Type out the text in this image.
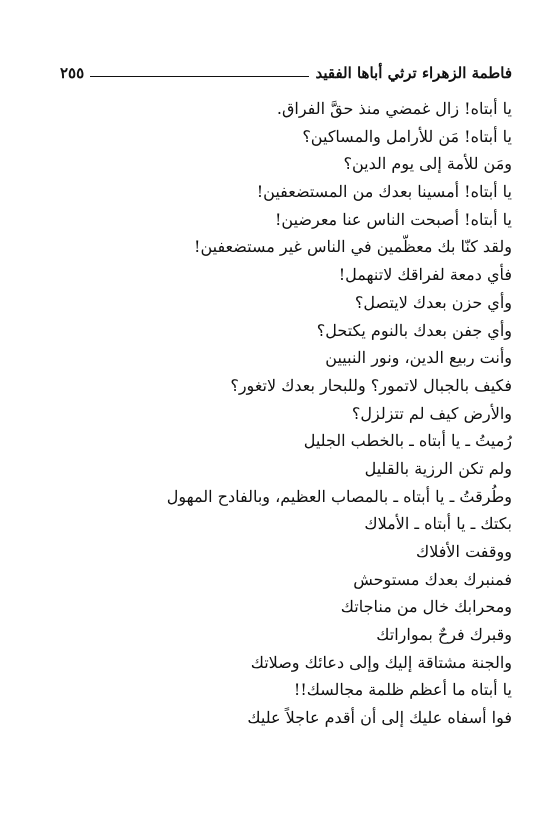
فاطمة الزهراء ترثي أباها الفقيد
٢٥٥
يا أبتاه! زال غمضي منذ حقَّ الفراق.
يا أبتاه! مَن للأرامل والمساكين؟
ومَن للأمة إلى يوم الدين؟
يا أبتاه! أمسينا بعدك من المستضعفين!
يا أبتاه! أصبحت الناس عنا معرضين!
ولقد كنّا بك معظّمين في الناس غير مستضعفين!
فأي دمعة لفراقك لاتنهمل!
وأي حزن بعدك لايتصل؟
وأي جفن بعدك بالنوم يكتحل؟
وأنت ربيع الدين، ونور النبيين
فكيف بالجبال لاتمور؟ وللبحار بعدك لاتغور؟
والأرض كيف لم تتزلزل؟
رُميتُ ـ يا أبتاه ـ بالخطب الجليل
ولم تكن الرزية بالقليل
وطُرقتُ ـ يا أبتاه ـ بالمصاب العظيم، وبالفادح المهول
بكتك ـ يا أبتاه ـ الأملاك
ووقفت الأفلاك
فمنبرك بعدك مستوحش
ومحرابك خال من مناجاتك
وقبرك فرحٌ بمواراتك
والجنة مشتاقة إليك وإلى دعائك وصلاتك
يا أبتاه ما أعظم ظلمة مجالسك!!
فوا أسفاه عليك إلى أن أقدم عاجلاً عليك
